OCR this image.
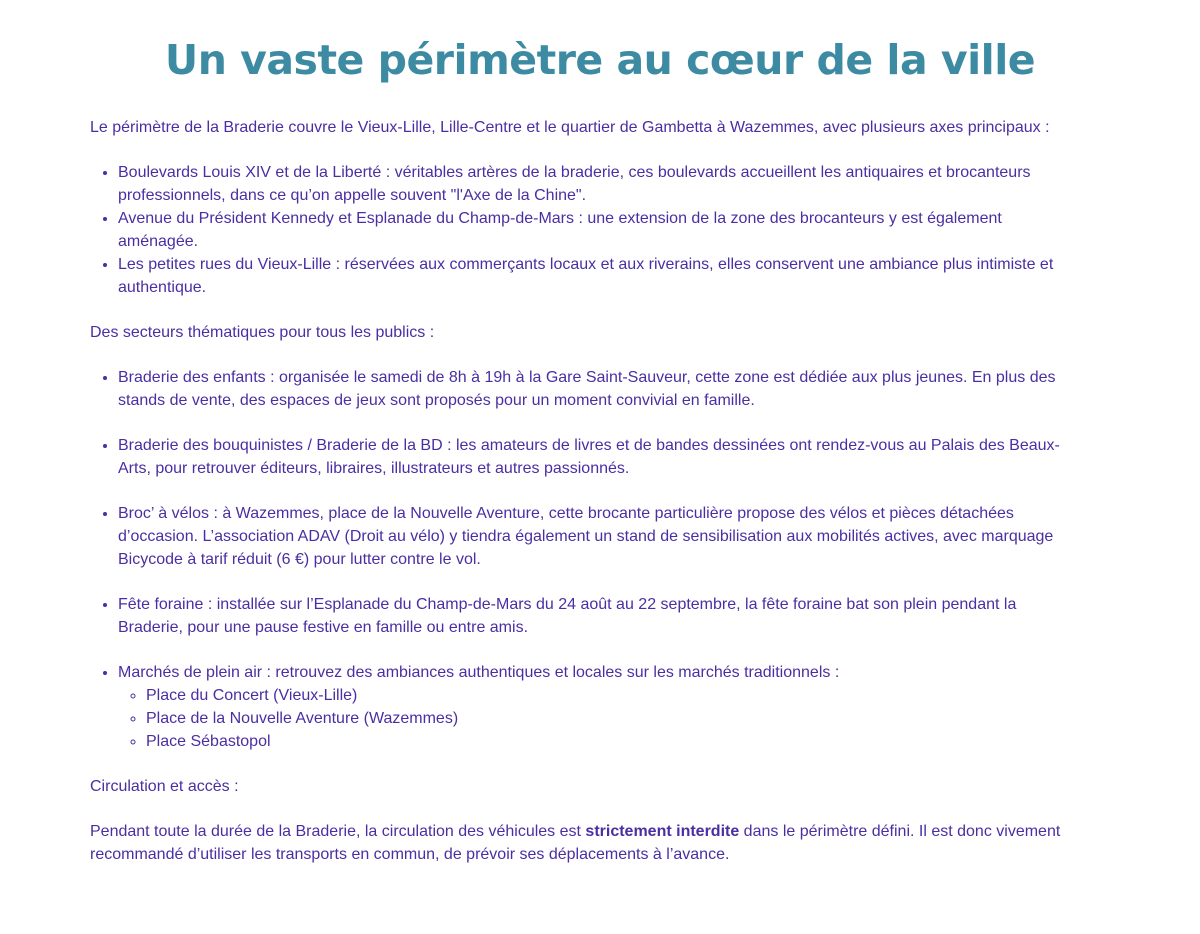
Un vaste périmètre au cœur de la ville

Le périmètre de la Braderie couvre le Vieux-Lille, Lille-Centre et le quartier de Gambetta à Wazemmes, avec plusieurs axes principaux :

• Boulevards Louis XIV et de la Liberté : véritables artères de la braderie, ces boulevards accueillent les antiquaires et brocanteurs professionnels, dans ce qu’on appelle souvent "l'Axe de la Chine".
• Avenue du Président Kennedy et Esplanade du Champ-de-Mars : une extension de la zone des brocanteurs y est également aménagée.
• Les petites rues du Vieux-Lille : réservées aux commerçants locaux et aux riverains, elles conservent une ambiance plus intimiste et authentique.

Des secteurs thématiques pour tous les publics :

• Braderie des enfants : organisée le samedi de 8h à 19h à la Gare Saint-Sauveur, cette zone est dédiée aux plus jeunes. En plus des stands de vente, des espaces de jeux sont proposés pour un moment convivial en famille.
• Braderie des bouquinistes / Braderie de la BD : les amateurs de livres et de bandes dessinées ont rendez-vous au Palais des Beaux-Arts, pour retrouver éditeurs, libraires, illustrateurs et autres passionnés.
• Broc’ à vélos : à Wazemmes, place de la Nouvelle Aventure, cette brocante particulière propose des vélos et pièces détachées d’occasion. L’association ADAV (Droit au vélo) y tiendra également un stand de sensibilisation aux mobilités actives, avec marquage Bicycode à tarif réduit (6 €) pour lutter contre le vol.
• Fête foraine : installée sur l’Esplanade du Champ-de-Mars du 24 août au 22 septembre, la fête foraine bat son plein pendant la Braderie, pour une pause festive en famille ou entre amis.
• Marchés de plein air : retrouvez des ambiances authentiques et locales sur les marchés traditionnels :
◦ Place du Concert (Vieux-Lille)
◦ Place de la Nouvelle Aventure (Wazemmes)
◦ Place Sébastopol

Circulation et accès :

Pendant toute la durée de la Braderie, la circulation des véhicules est strictement interdite dans le périmètre défini. Il est donc vivement recommandé d’utiliser les transports en commun, de prévoir ses déplacements à l’avance.
